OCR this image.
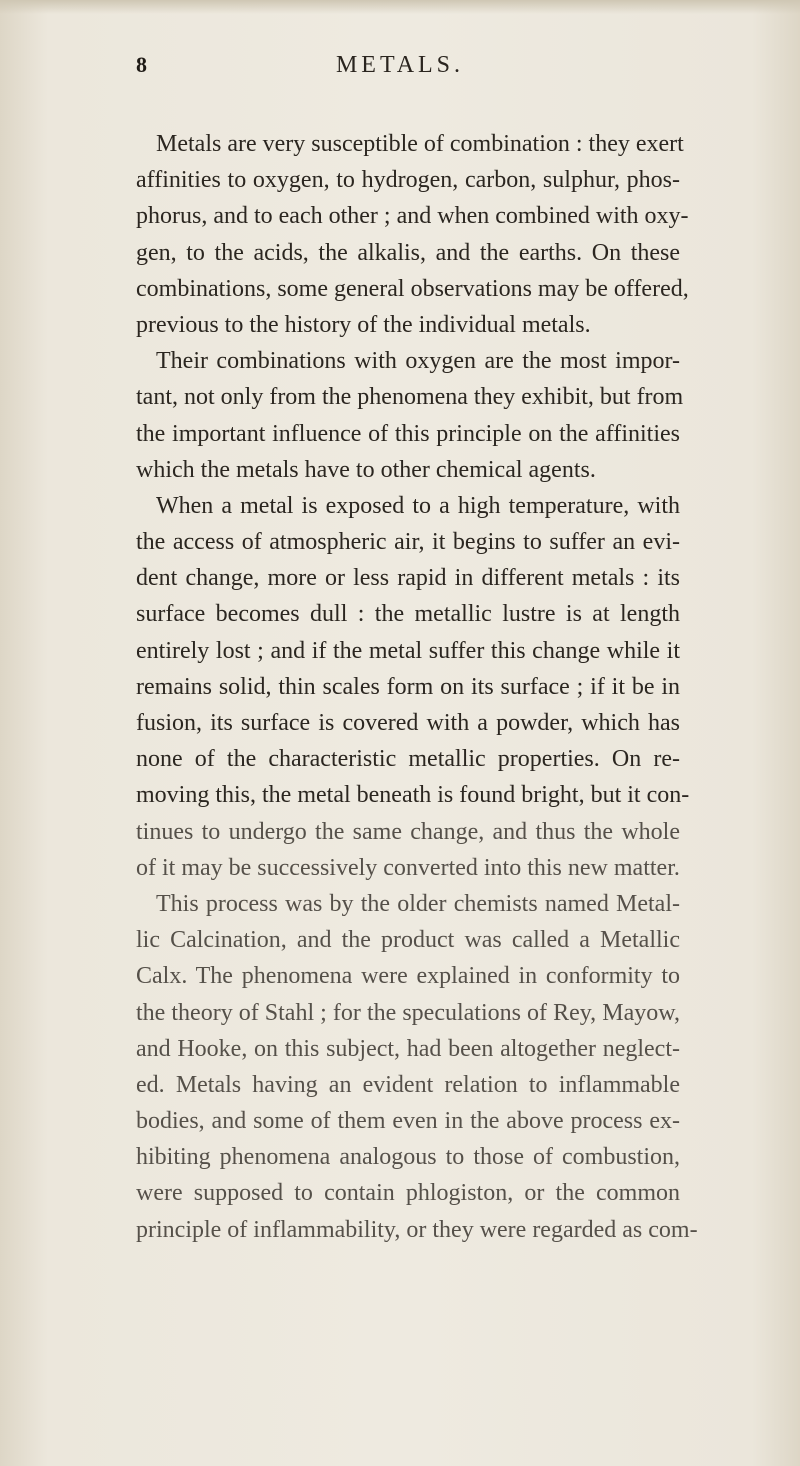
8	METALS.
Metals are very susceptible of combination : they exert
affinities to oxygen, to hydrogen, carbon, sulphur, phos-
phorus, and to each other ; and when combined with oxy-
gen, to the acids, the alkalis, and the earths. On these
combinations, some general observations may be offered,
previous to the history of the individual metals.
Their combinations with oxygen are the most impor-
tant, not only from the phenomena they exhibit, but from
the important influence of this principle on the affinities
which the metals have to other chemical agents.
When a metal is exposed to a high temperature, with
the access of atmospheric air, it begins to suffer an evi-
dent change, more or less rapid in different metals : its
surface becomes dull : the metallic lustre is at length
entirely lost ; and if the metal suffer this change while it
remains solid, thin scales form on its surface ; if it be in
fusion, its surface is covered with a powder, which has
none of the characteristic metallic properties. On re-
moving this, the metal beneath is found bright, but it con-
tinues to undergo the same change, and thus the whole
of it may be successively converted into this new matter.
This process was by the older chemists named Metal-
lic Calcination, and the product was called a Metallic
Calx. The phenomena were explained in conformity to
the theory of Stahl ; for the speculations of Rey, Mayow,
and Hooke, on this subject, had been altogether neglect-
ed. Metals having an evident relation to inflammable
bodies, and some of them even in the above process ex-
hibiting phenomena analogous to those of combustion,
were supposed to contain phlogiston, or the common
principle of inflammability, or they were regarded as com-
